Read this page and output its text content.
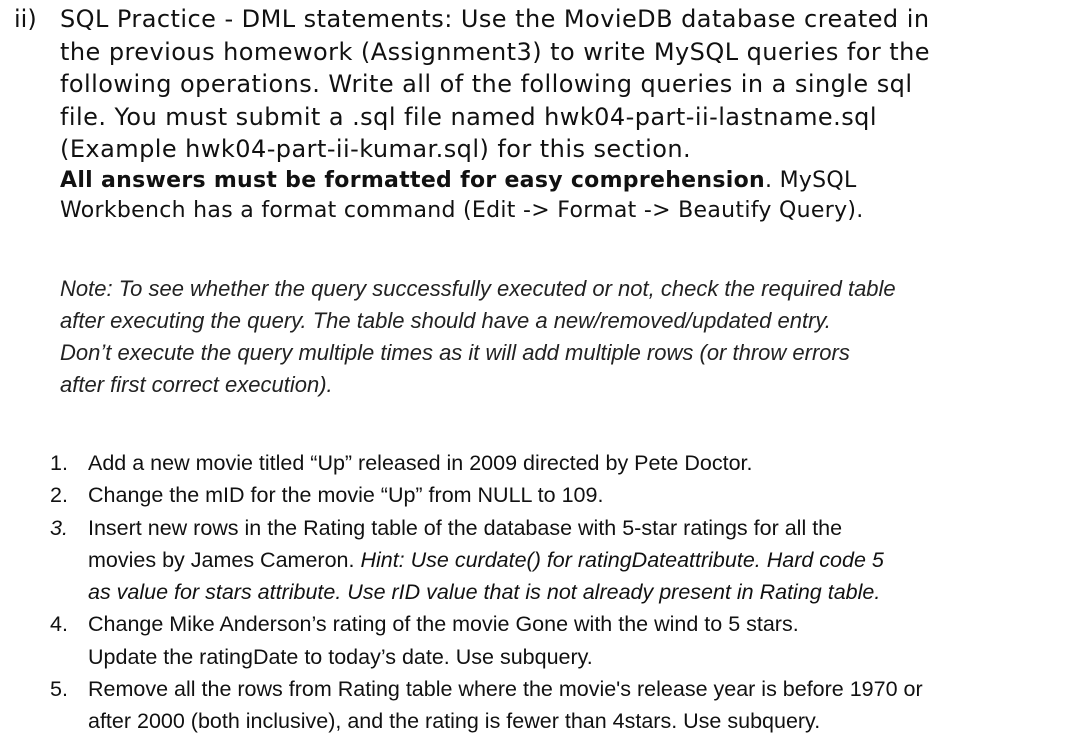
ii) SQL Practice - DML statements: Use the MovieDB database created in

the previous homework (Assignment3) to write MySQL queries for the

following operations. Write all of the following queries in a single sql

file. You must submit a .sql file named hwk04-part-ii-lastname.sql

(Example hwk04-part-ii-kumar.sql) for this section.

All answers must be formatted for easy comprehension. MySQL

Workbench has a format command (Edit -> Format -> Beautify Query).

Note: To see whether the query successfully executed or not, check the required table

after executing the query. The table should have a new/removed/updated entry.

Don’t execute the query multiple times as it will add multiple rows (or throw errors

after first correct execution).

1. Add a new movie titled “Up” released in 2009 directed by Pete Doctor.

2. Change the mID for the movie “Up” from NULL to 109.

3. Insert new rows in the Rating table of the database with 5-star ratings for all the

movies by James Cameron. Hint: Use curdate() for ratingDateattribute. Hard code 5

as value for stars attribute. Use rID value that is not already present in Rating table.

4. Change Mike Anderson’s rating of the movie Gone with the wind to 5 stars.

Update the ratingDate to today’s date. Use subquery.

5. Remove all the rows from Rating table where the movie's release year is before 1970 or

after 2000 (both inclusive), and the rating is fewer than 4stars. Use subquery.
